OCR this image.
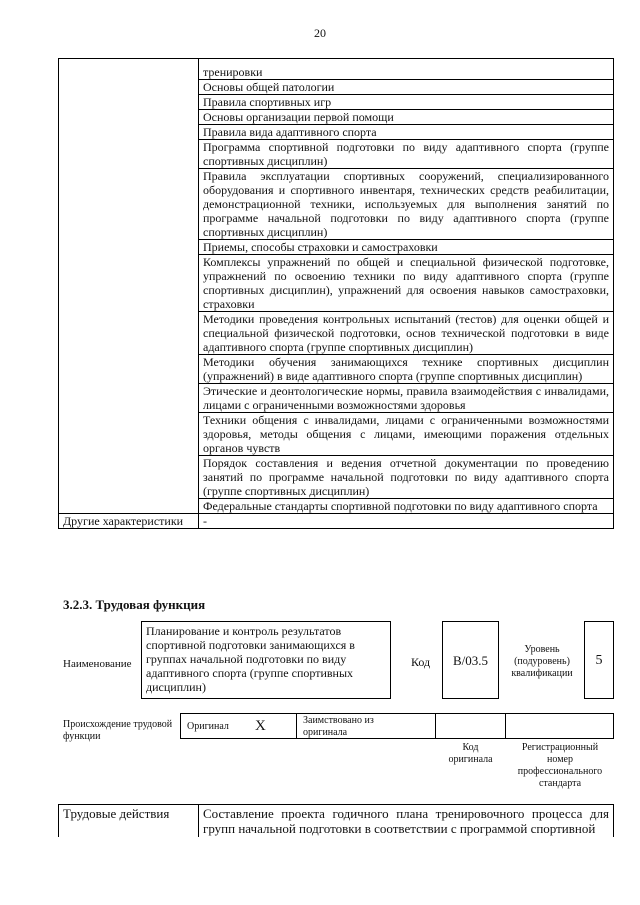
20
	тренировки
	Основы общей патологии
	Правила спортивных игр
	Основы организации первой помощи
	Правила вида адаптивного спорта
	Программа спортивной подготовки по виду адаптивного спорта (группе спортивных дисциплин)
	Правила эксплуатации спортивных сооружений, специализированного оборудования и спортивного инвентаря, технических средств реабилитации, демонстрационной техники, используемых для выполнения занятий по программе начальной подготовки по виду адаптивного спорта (группе спортивных дисциплин)
	Приемы, способы страховки и самостраховки
	Комплексы упражнений по общей и специальной физической подготовке, упражнений по освоению техники по виду адаптивного спорта (группе спортивных дисциплин), упражнений для освоения навыков самостраховки, страховки
	Методики проведения контрольных испытаний (тестов) для оценки общей и специальной физической подготовки, основ технической подготовки в виде адаптивного спорта (группе спортивных дисциплин)
	Методики обучения занимающихся технике спортивных дисциплин (упражнений) в виде адаптивного спорта (группе спортивных дисциплин)
	Этические и деонтологические нормы, правила взаимодействия с инвалидами, лицами с ограниченными возможностями здоровья
	Техники общения с инвалидами, лицами с ограниченными возможностями здоровья, методы общения с лицами, имеющими поражения отдельных органов чувств
	Порядок составления и ведения отчетной документации по проведению занятий по программе начальной подготовки по виду адаптивного спорта (группе спортивных дисциплин)
	Федеральные стандарты спортивной подготовки по виду адаптивного спорта
Другие характеристики	-
3.2.3. Трудовая функция
Наименование
Планирование и контроль результатов спортивной подготовки занимающихся в группах начальной подготовки по виду адаптивного спорта (группе спортивных дисциплин)
Код	В/03.5
Уровень (подуровень) квалификации
5
Происхождение трудовой функции
Оригинал X	Заимствовано из оригинала
Код оригинала
Регистрационный номер профессионального стандарта
Трудовые действия	Составление проекта годичного плана тренировочного процесса для групп начальной подготовки в соответствии с программой спортивной
